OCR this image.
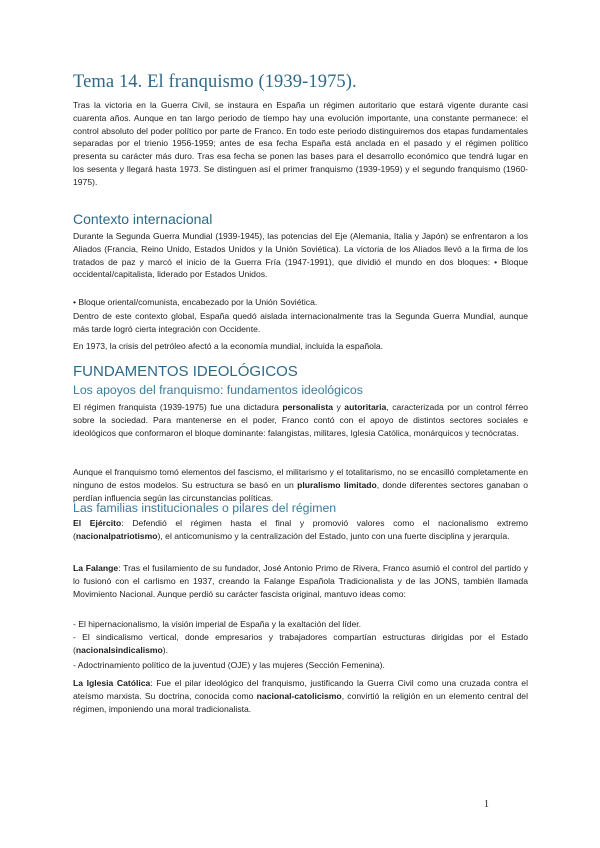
Tema 14. El franquismo (1939-1975).

Tras la victoria en la Guerra Civil, se instaura en España un régimen autoritario que estará vigente durante casi cuarenta años. Aunque en tan largo periodo de tiempo hay una evolución importante, una constante permanece: el control absoluto del poder político por parte de Franco. En todo este periodo distinguiremos dos etapas fundamentales separadas por el trienio 1956-1959; antes de esa fecha España está anclada en el pasado y el régimen político presenta su carácter más duro. Tras esa fecha se ponen las bases para el desarrollo económico que tendrá lugar en los sesenta y llegará hasta 1973. Se distinguen así el primer franquismo (1939-1959) y el segundo franquismo (1960-1975).

Contexto internacional

Durante la Segunda Guerra Mundial (1939-1945), las potencias del Eje (Alemania, Italia y Japón) se enfrentaron a los Aliados (Francia, Reino Unido, Estados Unidos y la Unión Soviética). La victoria de los Aliados llevó a la firma de los tratados de paz y marcó el inicio de la Guerra Fría (1947-1991), que dividió el mundo en dos bloques: • Bloque occidental/capitalista, liderado por Estados Unidos.

• Bloque oriental/comunista, encabezado por la Unión Soviética.

Dentro de este contexto global, España quedó aislada internacionalmente tras la Segunda Guerra Mundial, aunque más tarde logró cierta integración con Occidente.

En 1973, la crisis del petróleo afectó a la economía mundial, incluida la española.

FUNDAMENTOS IDEOLÓGICOS
Los apoyos del franquismo: fundamentos ideológicos

El régimen franquista (1939-1975) fue una dictadura personalista y autoritaria, caracterizada por un control férreo sobre la sociedad. Para mantenerse en el poder, Franco contó con el apoyo de distintos sectores sociales e ideológicos que conformaron el bloque dominante: falangistas, militares, Iglesia Católica, monárquicos y tecnócratas.

Aunque el franquismo tomó elementos del fascismo, el militarismo y el totalitarismo, no se encasilló completamente en ninguno de estos modelos. Su estructura se basó en un pluralismo limitado, donde diferentes sectores ganaban o perdían influencia según las circunstancias políticas.

Las familias institucionales o pilares del régimen

El Ejército: Defendió el régimen hasta el final y promovió valores como el nacionalismo extremo (nacionalpatriotismo), el anticomunismo y la centralización del Estado, junto con una fuerte disciplina y jerarquía.

La Falange: Tras el fusilamiento de su fundador, José Antonio Primo de Rivera, Franco asumió el control del partido y lo fusionó con el carlismo en 1937, creando la Falange Española Tradicionalista y de las JONS, también llamada Movimiento Nacional. Aunque perdió su carácter fascista original, mantuvo ideas como:

- El hipernacionalismo, la visión imperial de España y la exaltación del líder.

- El sindicalismo vertical, donde empresarios y trabajadores compartían estructuras dirigidas por el Estado (nacionalsindicalismo).

- Adoctrinamiento político de la juventud (OJE) y las mujeres (Sección Femenina).

La Iglesia Católica: Fue el pilar ideológico del franquismo, justificando la Guerra Civil como una cruzada contra el ateísmo marxista. Su doctrina, conocida como nacional-catolicismo, convirtió la religión en un elemento central del régimen, imponiendo una moral tradicionalista.

1
